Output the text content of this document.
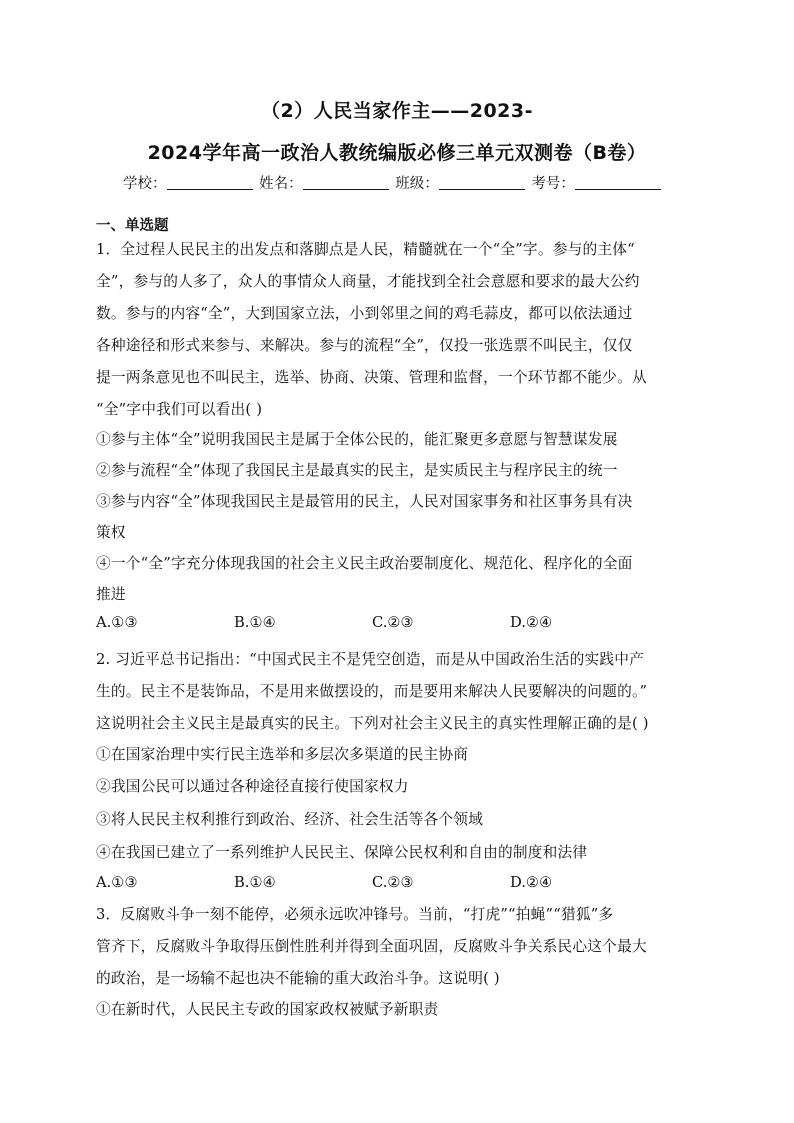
（2）人民当家作主——2023-
2024学年高一政治人教统编版必修三单元双测卷（B卷）
学校：	姓名：	班级：	考号：
一、单选题
1．全过程人民民主的出发点和落脚点是人民，精髓就在一个“全”字。参与的主体“
全”，参与的人多了，众人的事情众人商量，才能找到全社会意愿和要求的最大公约
数。参与的内容“全”，大到国家立法，小到邻里之间的鸡毛蒜皮，都可以依法通过
各种途径和形式来参与、来解决。参与的流程“全”，仅投一张选票不叫民主，仅仅
提一两条意见也不叫民主，选举、协商、决策、管理和监督，一个环节都不能少。从
“全”字中我们可以看出( )
①参与主体“全”说明我国民主是属于全体公民的，能汇聚更多意愿与智慧谋发展
②参与流程“全”体现了我国民主是最真实的民主，是实质民主与程序民主的统一
③参与内容“全”体现我国民主是最管用的民主，人民对国家事务和社区事务具有决
策权
④一个“全”字充分体现我国的社会主义民主政治要制度化、规范化、程序化的全面
推进
A.①③	B.①④	C.②③	D.②④
2. 习近平总书记指出：“中国式民主不是凭空创造，而是从中国政治生活的实践中产
生的。民主不是装饰品，不是用来做摆设的，而是要用来解决人民要解决的问题的。”
这说明社会主义民主是最真实的民主。下列对社会主义民主的真实性理解正确的是( )
①在国家治理中实行民主选举和多层次多渠道的民主协商
②我国公民可以通过各种途径直接行使国家权力
③将人民民主权利推行到政治、经济、社会生活等各个领域
④在我国已建立了一系列维护人民民主、保障公民权利和自由的制度和法律
A.①③	B.①④	C.②③	D.②④
3．反腐败斗争一刻不能停，必须永远吹冲锋号。当前，“打虎”“拍蝇”“猎狐”多
管齐下，反腐败斗争取得压倒性胜利并得到全面巩固，反腐败斗争关系民心这个最大
的政治，是一场输不起也决不能输的重大政治斗争。这说明( )
①在新时代，人民民主专政的国家政权被赋予新职责
